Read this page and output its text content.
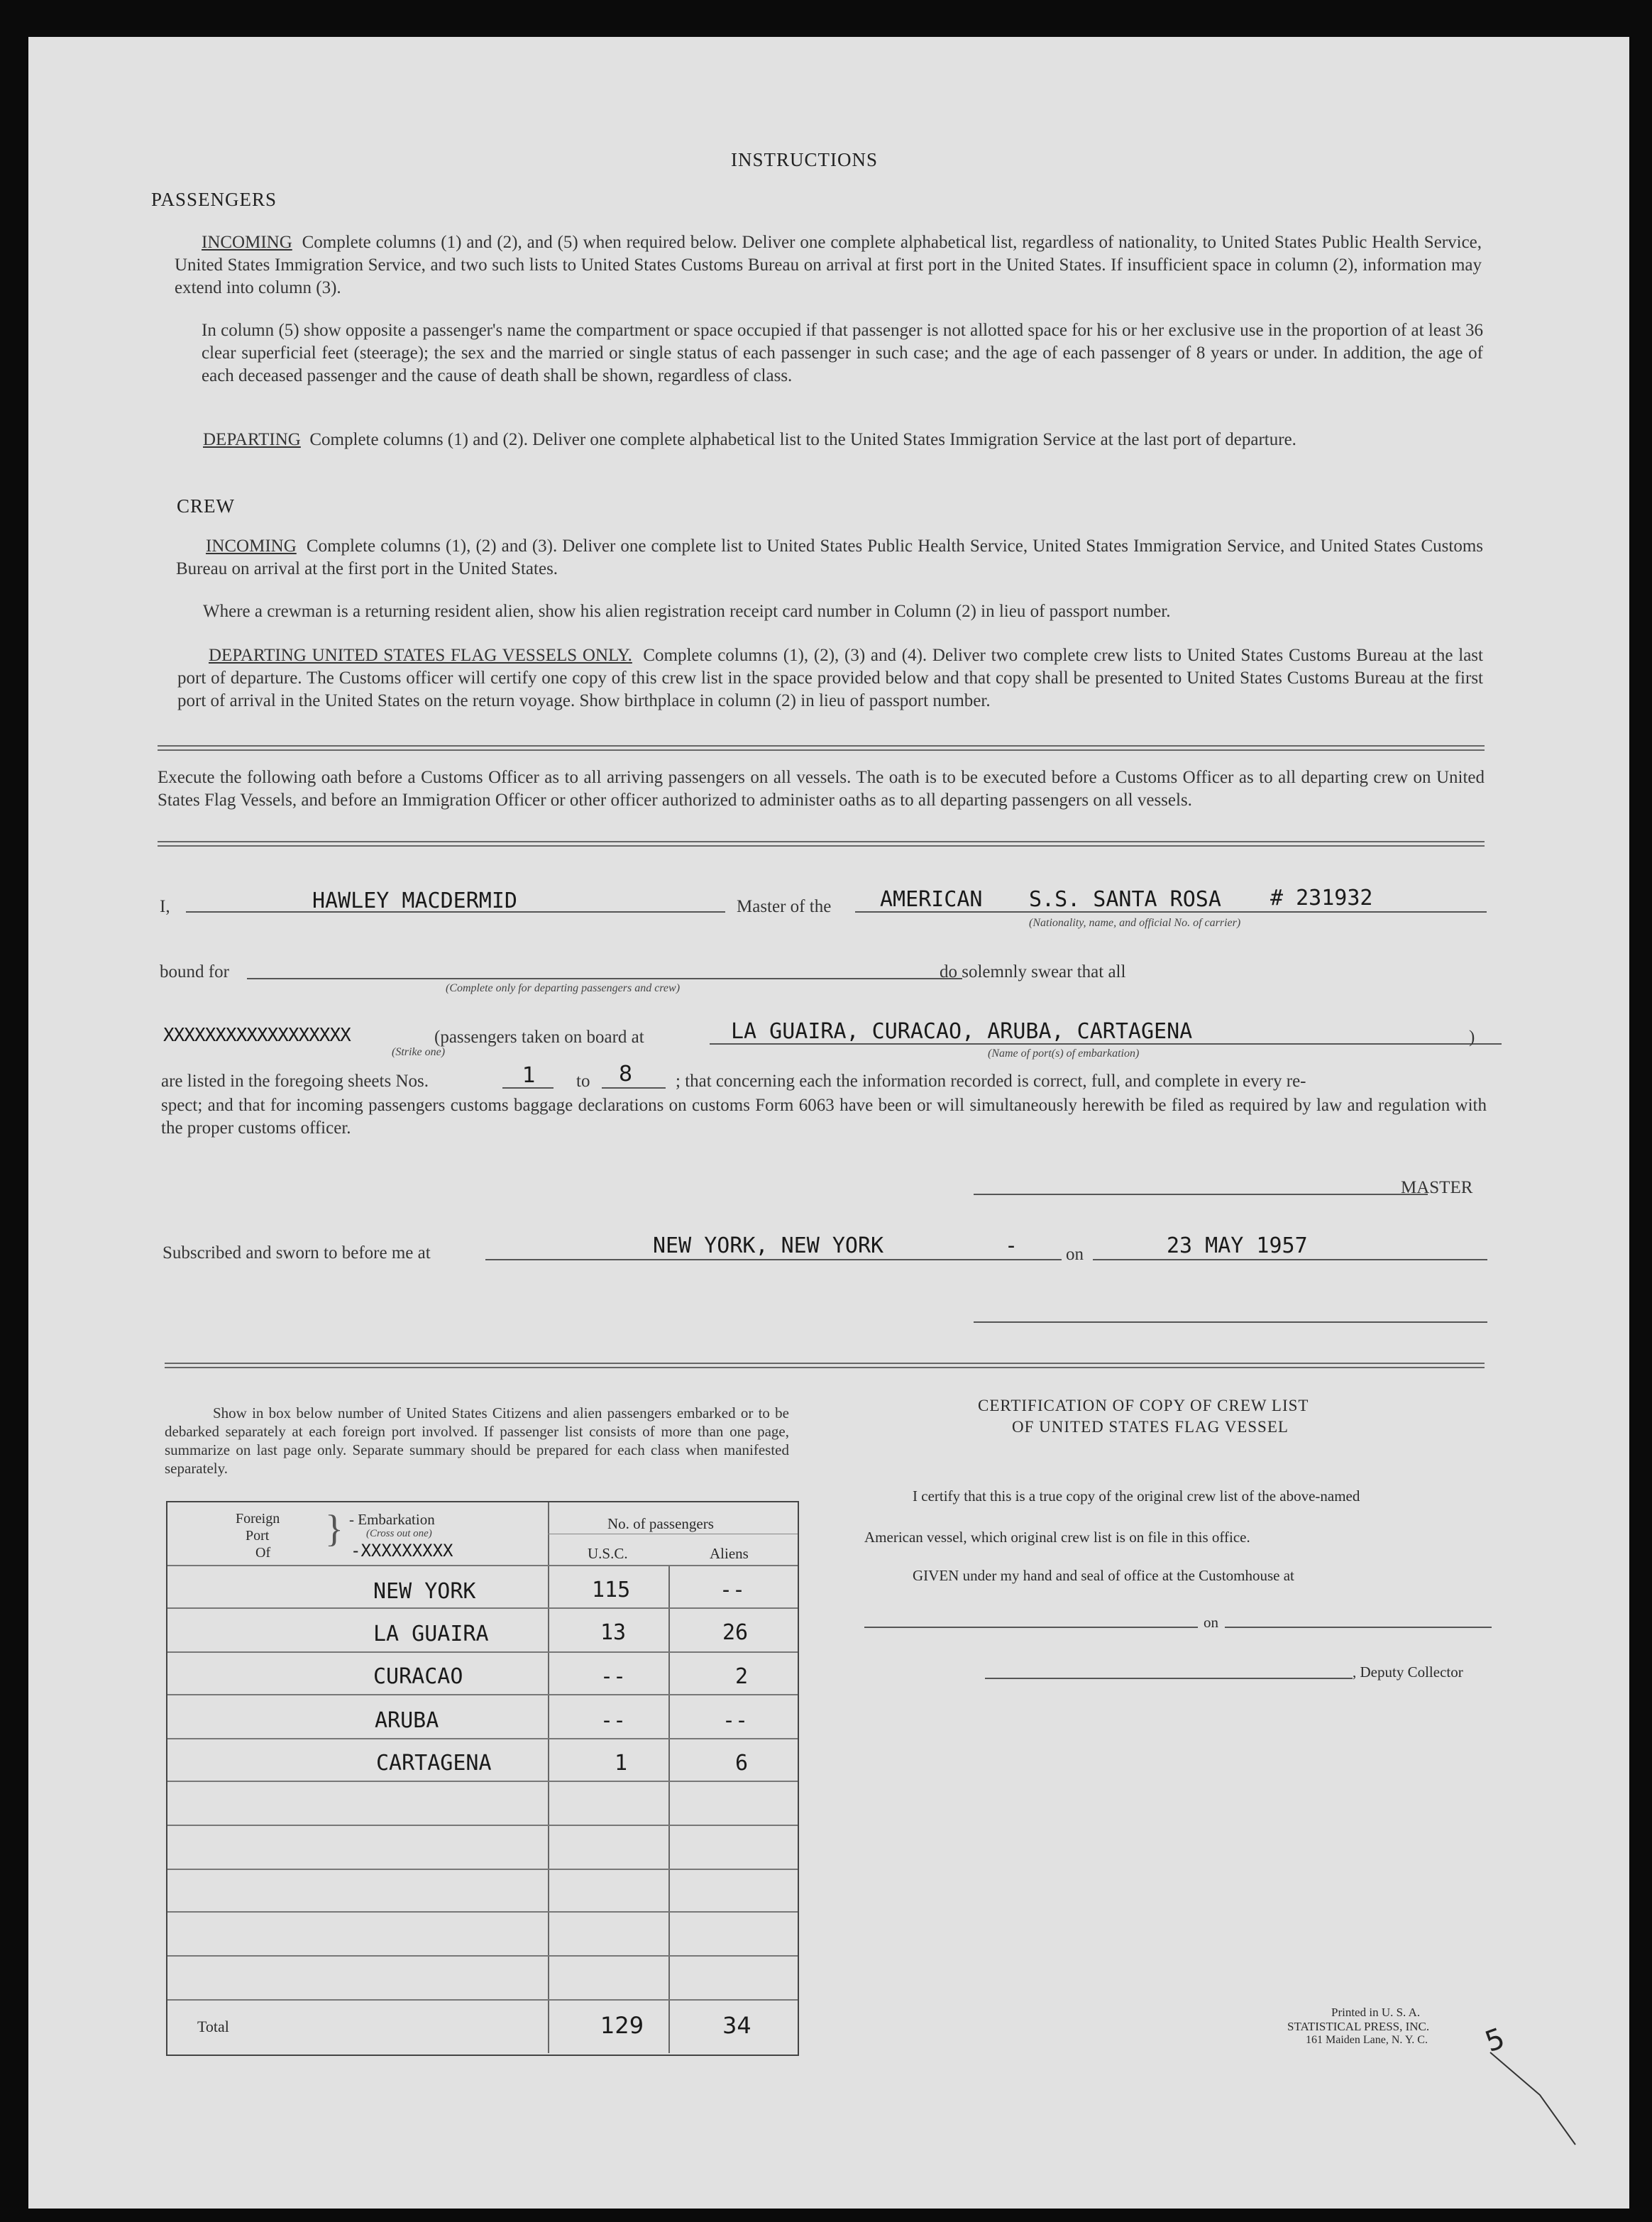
INSTRUCTIONS
PASSENGERS
INCOMING Complete columns (1) and (2), and (5) when required below. Deliver one complete alphabetical list, regardless of nationality, to United States Public Health Service, United States Immigration Service, and two such lists to United States Customs Bureau on arrival at first port in the United States. If insufficient space in column (2), information may extend into column (3).
In column (5) show opposite a passenger's name the compartment or space occupied if that passenger is not allotted space for his or her exclusive use in the proportion of at least 36 clear superficial feet (steerage); the sex and the married or single status of each passenger in such case; and the age of each passenger of 8 years or under. In addition, the age of each deceased passenger and the cause of death shall be shown, regardless of class.
DEPARTING Complete columns (1) and (2). Deliver one complete alphabetical list to the United States Immigration Service at the last port of departure.
CREW
INCOMING Complete columns (1), (2) and (3). Deliver one complete list to United States Public Health Service, United States Immigration Service, and United States Customs Bureau on arrival at the first port in the United States.
Where a crewman is a returning resident alien, show his alien registration receipt card number in Column (2) in lieu of passport number.
DEPARTING UNITED STATES FLAG VESSELS ONLY. Complete columns (1), (2), (3) and (4). Deliver two complete crew lists to United States Customs Bureau at the last port of departure. The Customs officer will certify one copy of this crew list in the space provided below and that copy shall be presented to United States Customs Bureau at the first port of arrival in the United States on the return voyage. Show birthplace in column (2) in lieu of passport number.
Execute the following oath before a Customs Officer as to all arriving passengers on all vessels. The oath is to be executed before a Customs Officer as to all departing crew on United States Flag Vessels, and before an Immigration Officer or other officer authorized to administer oaths as to all departing passengers on all vessels.
I,	HAWLEY MACDERMID	Master of the AMERICAN S.S. SANTA ROSA # 231932
(Nationality, name, and official No. of carrier)
bound for
(Complete only for departing passengers and crew)
do solemnly swear that all
XXXXXXXXXXXXXXXXXX
(Strike one)
(passengers taken on board at	LA GUAIRA, CURACAO, ARUBA, CARTAGENA
(Name of port(s) of embarkation)
)
are listed in the foregoing sheets Nos.	1 to 8 ; that concerning each the information recorded is correct, full, and complete in every re-
spect; and that for incoming passengers customs baggage declarations on customs Form 6063 have been or will simultaneously herewith be filed as required by law and regulation with the proper customs officer.
MASTER
Subscribed and sworn to before me at	NEW YORK, NEW YORK	-	on	23 MAY 1957
Show in box below number of United States Citizens and alien passengers embarked or to be debarked separately at each foreign port involved. If passenger list consists of more than one page, summarize on last page only. Separate summary should be prepared for each class when manifested separately.
Foreign
Port
Of
} - Embarkation
(Cross out one)
-XXXXXXXXX
No. of passengers
U.S.C.	Aliens
NEW YORK	115	--
LA GUAIRA	13	26
CURACAO	--	2
ARUBA	--	--
CARTAGENA	1	6
Total	129	34
CERTIFICATION OF COPY OF CREW LIST
OF UNITED STATES FLAG VESSEL
I certify that this is a true copy of the original crew list of the above-named
American vessel, which original crew list is on file in this office.
GIVEN under my hand and seal of office at the Customhouse at
on
, Deputy Collector
Printed in U. S. A.
STATISTICAL PRESS, INC.
161 Maiden Lane, N. Y. C. 5
